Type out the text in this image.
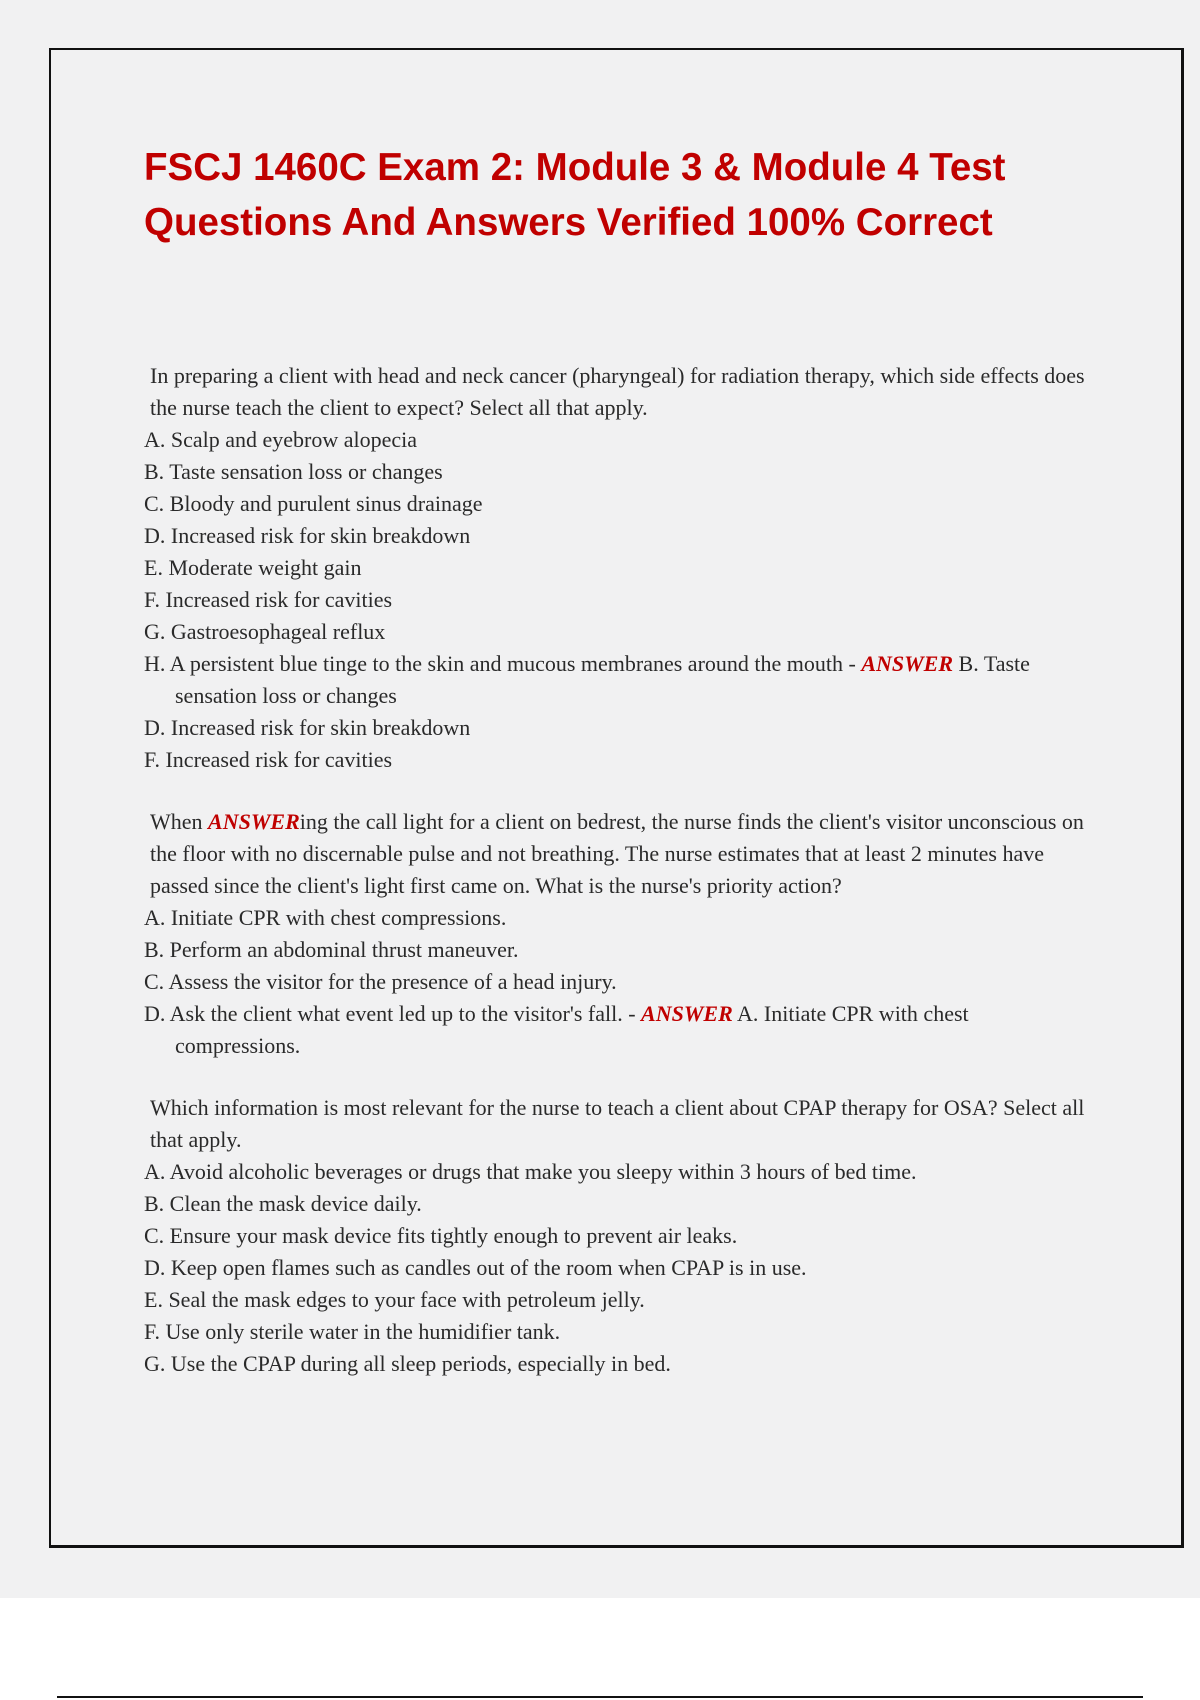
FSCJ 1460C Exam 2: Module 3 & Module 4 Test Questions And Answers Verified 100% Correct
In preparing a client with head and neck cancer (pharyngeal) for radiation therapy, which side effects does the nurse teach the client to expect? Select all that apply.
A. Scalp and eyebrow alopecia
B. Taste sensation loss or changes
C. Bloody and purulent sinus drainage
D. Increased risk for skin breakdown
E. Moderate weight gain
F. Increased risk for cavities
G. Gastroesophageal reflux
H. A persistent blue tinge to the skin and mucous membranes around the mouth - ANSWER B. Taste sensation loss or changes
D. Increased risk for skin breakdown
F. Increased risk for cavities
When ANSWERing the call light for a client on bedrest, the nurse finds the client's visitor unconscious on the floor with no discernable pulse and not breathing. The nurse estimates that at least 2 minutes have passed since the client's light first came on. What is the nurse's priority action?
A. Initiate CPR with chest compressions.
B. Perform an abdominal thrust maneuver.
C. Assess the visitor for the presence of a head injury.
D. Ask the client what event led up to the visitor's fall. - ANSWER A. Initiate CPR with chest compressions.
Which information is most relevant for the nurse to teach a client about CPAP therapy for OSA? Select all that apply.
A. Avoid alcoholic beverages or drugs that make you sleepy within 3 hours of bed time.
B. Clean the mask device daily.
C. Ensure your mask device fits tightly enough to prevent air leaks.
D. Keep open flames such as candles out of the room when CPAP is in use.
E. Seal the mask edges to your face with petroleum jelly.
F. Use only sterile water in the humidifier tank.
G. Use the CPAP during all sleep periods, especially in bed.
